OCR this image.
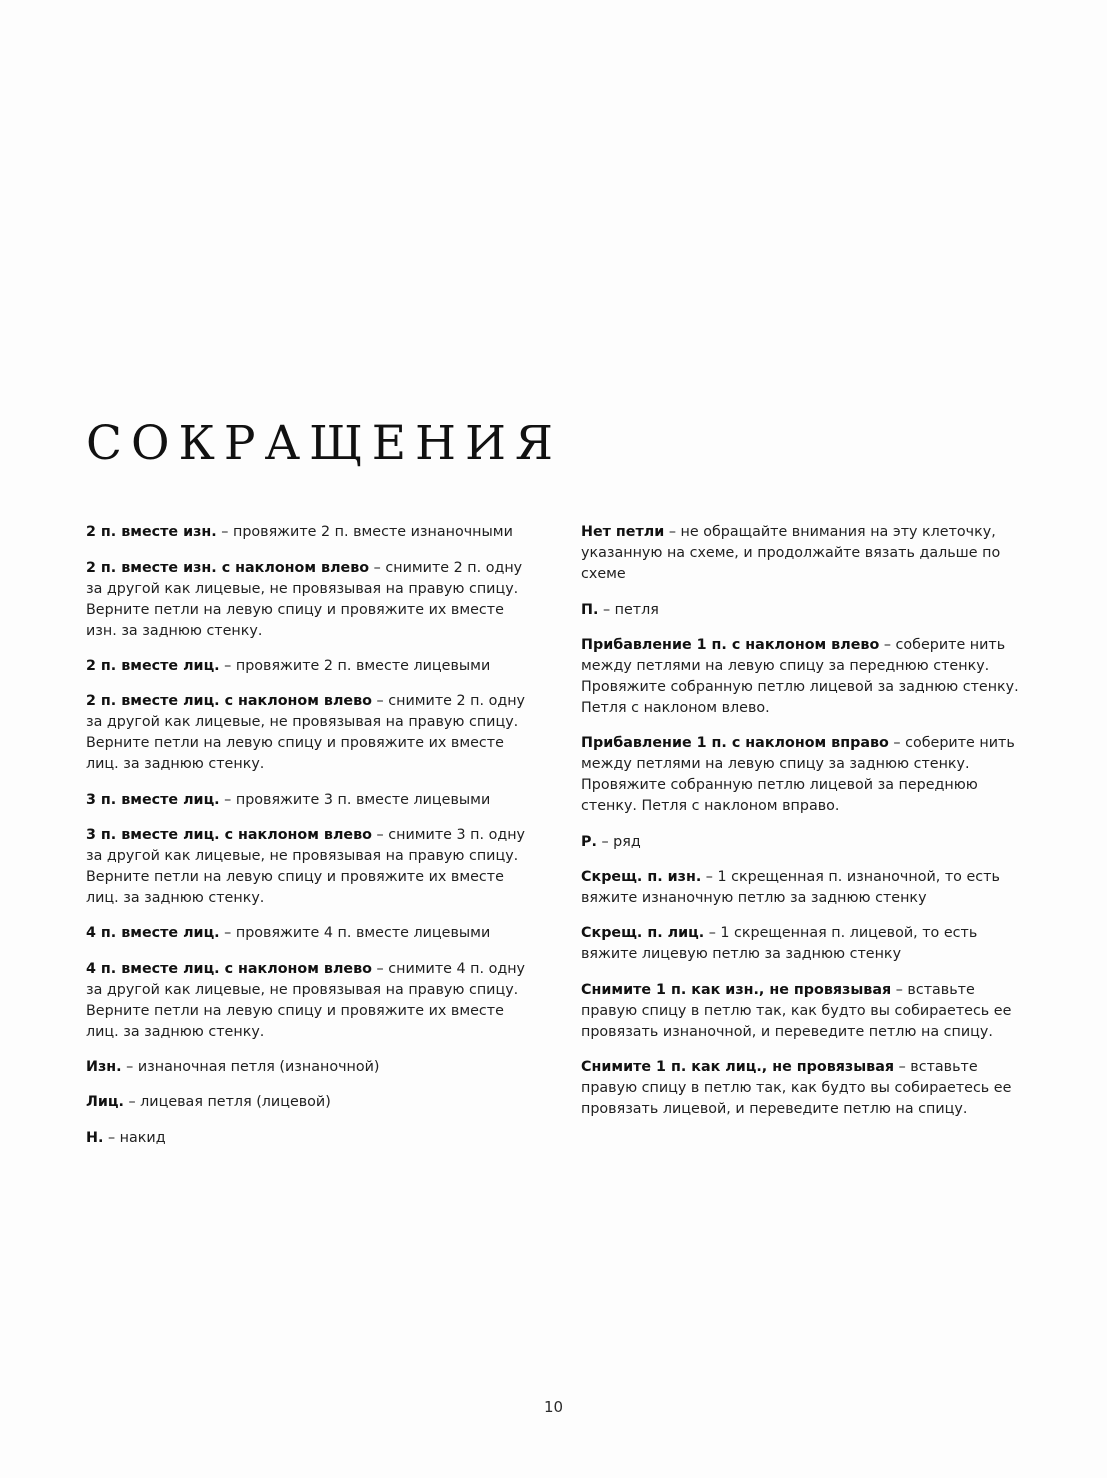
СОКРАЩЕНИЯ

2 п. вместе изн. – провяжите 2 п. вместе изнаночными

2 п. вместе изн. с наклоном влево – снимите 2 п. одну за другой как лицевые, не провязывая на правую спицу. Верните петли на левую спицу и провяжите их вместе изн. за заднюю стенку.

2 п. вместе лиц. – провяжите 2 п. вместе лицевыми

2 п. вместе лиц. с наклоном влево – снимите 2 п. одну за другой как лицевые, не провязывая на правую спицу. Верните петли на левую спицу и провяжите их вместе лиц. за заднюю стенку.

3 п. вместе лиц. – провяжите 3 п. вместе лицевыми

3 п. вместе лиц. с наклоном влево – снимите 3 п. одну за другой как лицевые, не провязывая на правую спицу. Верните петли на левую спицу и провяжите их вместе лиц. за заднюю стенку.

4 п. вместе лиц. – провяжите 4 п. вместе лицевыми

4 п. вместе лиц. с наклоном влево – снимите 4 п. одну за другой как лицевые, не провязывая на правую спицу. Верните петли на левую спицу и провяжите их вместе лиц. за заднюю стенку.

Изн. – изнаночная петля (изнаночной)

Лиц. – лицевая петля (лицевой)

Н. – накид

Нет петли – не обращайте внимания на эту клеточку, указанную на схеме, и продолжайте вязать дальше по схеме

П. – петля

Прибавление 1 п. с наклоном влево – соберите нить между петлями на левую спицу за переднюю стенку. Провяжите собранную петлю лицевой за заднюю стенку. Петля с наклоном влево.

Прибавление 1 п. с наклоном вправо – соберите нить между петлями на левую спицу за заднюю стенку. Провяжите собранную петлю лицевой за переднюю стенку. Петля с наклоном вправо.

Р. – ряд

Скрещ. п. изн. – 1 скрещенная п. изнаночной, то есть вяжите изнаночную петлю за заднюю стенку

Скрещ. п. лиц. – 1 скрещенная п. лицевой, то есть вяжите лицевую петлю за заднюю стенку

Снимите 1 п. как изн., не провязывая – вставьте правую спицу в петлю так, как будто вы собираетесь ее провязать изнаночной, и переведите петлю на спицу.

Снимите 1 п. как лиц., не провязывая – вставьте правую спицу в петлю так, как будто вы собираетесь ее провязать лицевой, и переведите петлю на спицу.

10
